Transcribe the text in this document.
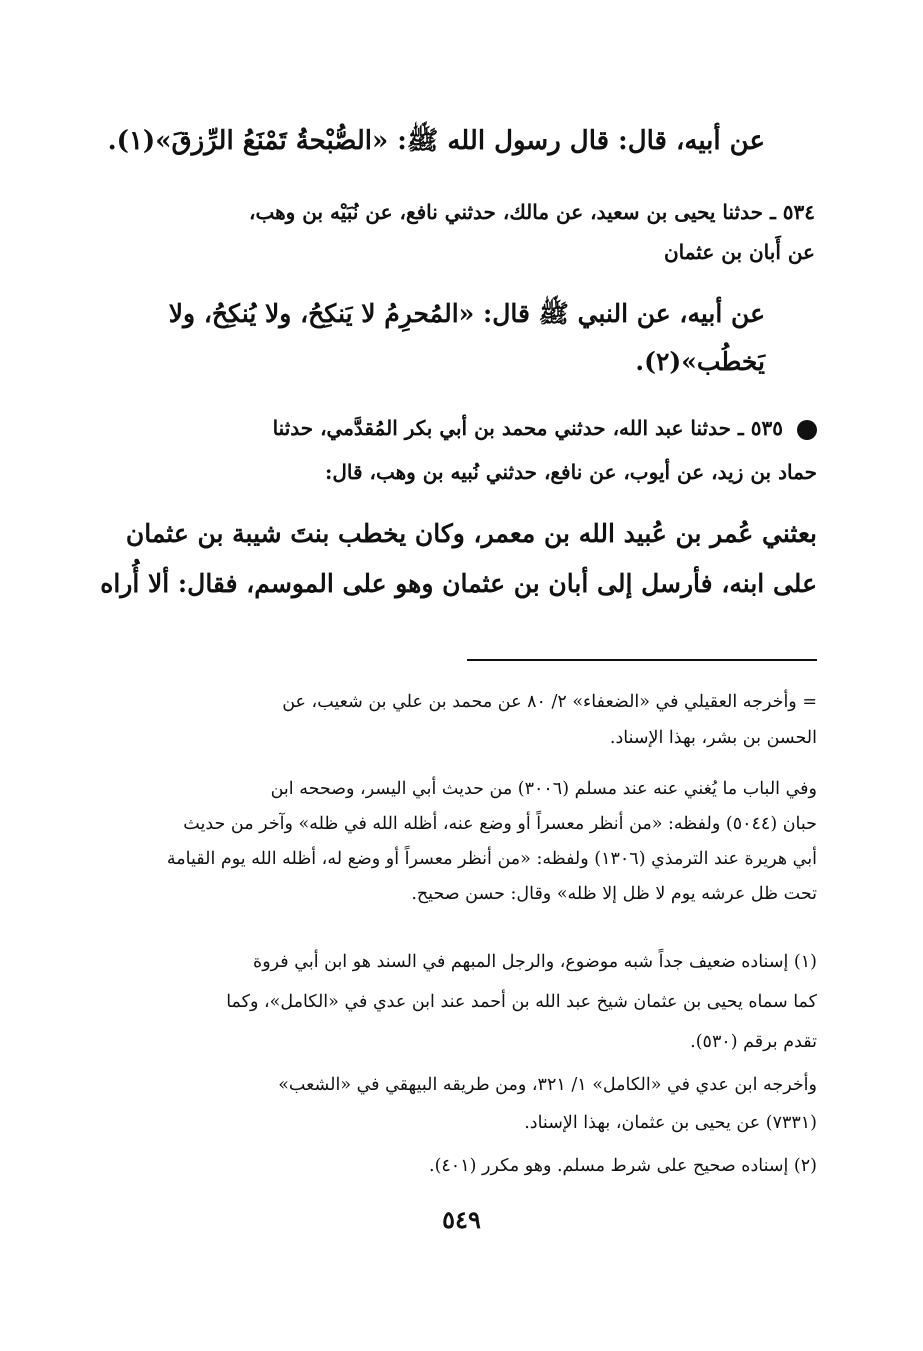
عن أبيه، قال: قال رسول الله ﷺ: «الصُّبْحةُ تَمْنَعُ الرِّزقَ»(١).
٥٣٤ ـ حدثنا يحيى بن سعيد، عن مالك، حدثني نافع، عن نُبَيْه بن وهب،
عن أَبان بن عثمان
عن أبيه، عن النبي ﷺ قال: «المُحرِمُ لا يَنكِحُ، ولا يُنكِحُ، ولا
يَخطُب»(٢).
٥٣٥ ـ حدثنا عبد الله، حدثني محمد بن أبي بكر المُقدَّمي، حدثنا
حماد بن زيد، عن أيوب، عن نافع، حدثني نُبيه بن وهب، قال:
بعثني عُمر بن عُبيد الله بن معمر، وكان يخطب بنتَ شيبة بن عثمان
على ابنه، فأرسل إلى أبان بن عثمان وهو على الموسم، فقال: ألا أُراه
= وأخرجه العقيلي في «الضعفاء» ٢/ ٨٠ عن محمد بن علي بن شعيب، عن
الحسن بن بشر، بهذا الإسناد.
وفي الباب ما يُغني عنه عند مسلم (٣٠٠٦) من حديث أبي اليسر، وصححه ابن
حبان (٥٠٤٤) ولفظه: «من أنظر معسراً أو وضع عنه، أظله الله في ظله» وآخر من حديث
أبي هريرة عند الترمذي (١٣٠٦) ولفظه: «من أنظر معسراً أو وضع له، أظله الله يوم القيامة
تحت ظل عرشه يوم لا ظل إلا ظله» وقال: حسن صحيح.
(١) إسناده ضعيف جداً شبه موضوع، والرجل المبهم في السند هو ابن أبي فروة
كما سماه يحيى بن عثمان شيخ عبد الله بن أحمد عند ابن عدي في «الكامل»، وكما
تقدم برقم (٥٣٠).
وأخرجه ابن عدي في «الكامل» ١/ ٣٢١، ومن طريقه البيهقي في «الشعب»
(٧٣٣١) عن يحيى بن عثمان، بهذا الإسناد.
(٢) إسناده صحيح على شرط مسلم. وهو مكرر (٤٠١).
٥٤٩
